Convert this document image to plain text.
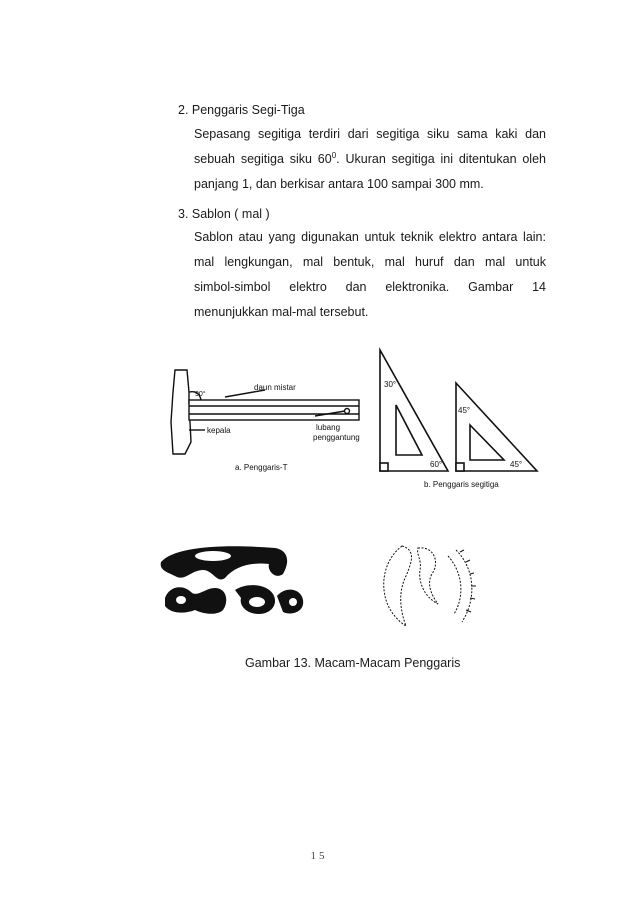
2. Penggaris Segi-Tiga
Sepasang segitiga terdiri dari segitiga siku sama kaki dan
sebuah segitiga siku $60^0$. Ukuran segitiga ini ditentukan oleh
panjang 1, dan berkisar antara 100 sampai 300 mm.
3. Sablon ( mal )
Sablon atau yang digunakan untuk teknik elektro antara lain:
mal lengkungan, mal bentuk, mal huruf dan mal untuk
simbol-simbol elektro dan elektronika. Gambar 14
menunjukkan mal-mal tersebut.
90°
daun mistar
kepala	lubang
penggantung
a. Penggaris-T
30°
60°
45°
45°
b. Penggaris segitiga
Gambar 13. Macam-Macam Penggaris
15
